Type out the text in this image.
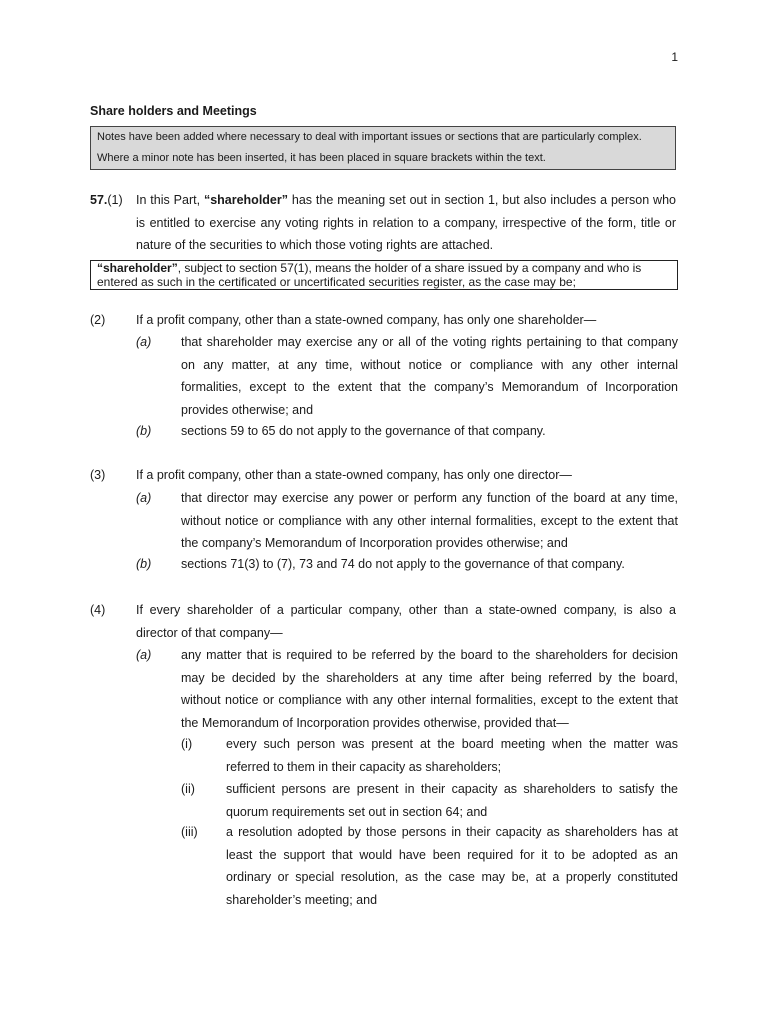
1
Share holders and Meetings
Notes have been added where necessary to deal with important issues or sections that are particularly complex.
Where a minor note has been inserted, it has been placed in square brackets within the text.
57.(1) In this Part, “shareholder” has the meaning set out in section 1, but also includes a person who
is entitled to exercise any voting rights in relation to a company, irrespective of the form, title or
nature of the securities to which those voting rights are attached.
“shareholder”, subject to section 57(1), means the holder of a share issued by a company and who is
entered as such in the certificated or uncertificated securities register, as the case may be;
(2) If a profit company, other than a state-owned company, has only one shareholder—
(a) that shareholder may exercise any or all of the voting rights pertaining to that company
on any matter, at any time, without notice or compliance with any other internal
formalities, except to the extent that the company’s Memorandum of Incorporation
provides otherwise; and
(b) sections 59 to 65 do not apply to the governance of that company.
(3) If a profit company, other than a state-owned company, has only one director—
(a) that director may exercise any power or perform any function of the board at any time,
without notice or compliance with any other internal formalities, except to the extent that
the company’s Memorandum of Incorporation provides otherwise; and
(b) sections 71(3) to (7), 73 and 74 do not apply to the governance of that company.
(4) If every shareholder of a particular company, other than a state-owned company, is also a
director of that company—
(a) any matter that is required to be referred by the board to the shareholders for decision
may be decided by the shareholders at any time after being referred by the board,
without notice or compliance with any other internal formalities, except to the extent that
the Memorandum of Incorporation provides otherwise, provided that—
(i)	every such person was present at the board meeting when the matter was
referred to them in their capacity as shareholders;
(ii) sufficient persons are present in their capacity as shareholders to satisfy the
quorum requirements set out in section 64; and
(iii) a resolution adopted by those persons in their capacity as shareholders has at
least the support that would have been required for it to be adopted as an
ordinary or special resolution, as the case may be, at a properly constituted
shareholder’s meeting; and
